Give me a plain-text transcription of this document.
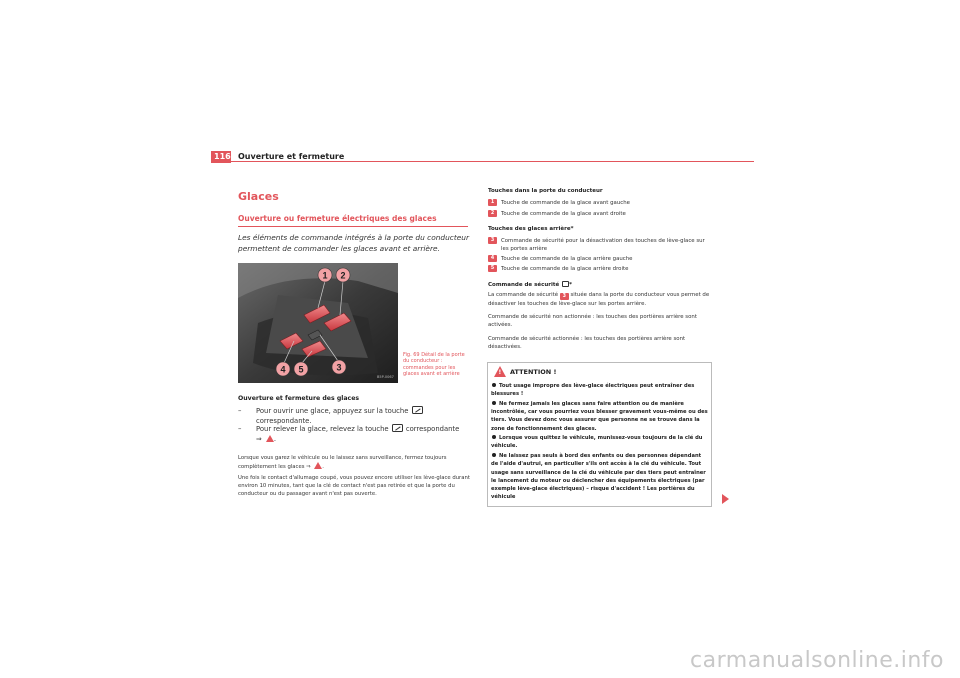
116 Ouverture et fermeture
Glaces
Ouverture ou fermeture électriques des glaces
Les éléments de commande intégrés à la porte du conducteur permettent de commander les glaces avant et arrière.
1 2
3
4 5
B5P-0067
Fig. 69 Détail de la porte du conducteur : commandes pour les glaces avant et arrière
Ouverture et fermeture des glaces
– Pour ouvrir une glace, appuyez sur la touche  correspondante.
– Pour relever la glace, relevez la touche	correspondante
⇒ .
Lorsque vous garez le véhicule ou le laissez sans surveillance, fermez toujours complètement les glaces ⇒ .
Une fois le contact d'allumage coupé, vous pouvez encore utiliser les lève-glace durant environ 10 minutes, tant que la clé de contact n'est pas retirée et que la porte du conducteur ou du passager avant n'est pas ouverte.
Touches dans la porte du conducteur
1	Touche de commande de la glace avant gauche
2	Touche de commande de la glace avant droite
Touches des glaces arrière*
3	Commande de sécurité pour la désactivation des touches de lève-glace sur les portes arrière
4	Touche de commande de la glace arrière gauche
5	Touche de commande de la glace arrière droite
Commande de sécurité *
La commande de sécurité 3 située dans la porte du conducteur vous permet de désactiver les touches de lève-glace sur les portes arrière.
Commande de sécurité non actionnée : les touches des portières arrière sont activées.
Commande de sécurité actionnée : les touches des portières arrière sont désactivées.
! ATTENTION !

Tout usage impropre des lève-glace électriques peut entraîner des blessures !

Ne fermez jamais les glaces sans faire attention ou de manière incontrôlée, car vous pourriez vous blesser gravement vous-même ou des tiers. Vous devez donc vous assurer que personne ne se trouve dans la zone de fonctionnement des glaces.

Lorsque vous quittez le véhicule, munissez-vous toujours de la clé du véhicule.

Ne laissez pas seuls à bord des enfants ou des personnes dépendant de l'aide d'autrui, en particulier s'ils ont accès à la clé du véhicule. Tout usage sans surveillance de la clé du véhicule par des tiers peut entraîner le lancement du moteur ou déclencher des équipements électriques (par exemple lève-glace électriques) – risque d'accident ! Les portières du véhicule

carmanualsonline.info
